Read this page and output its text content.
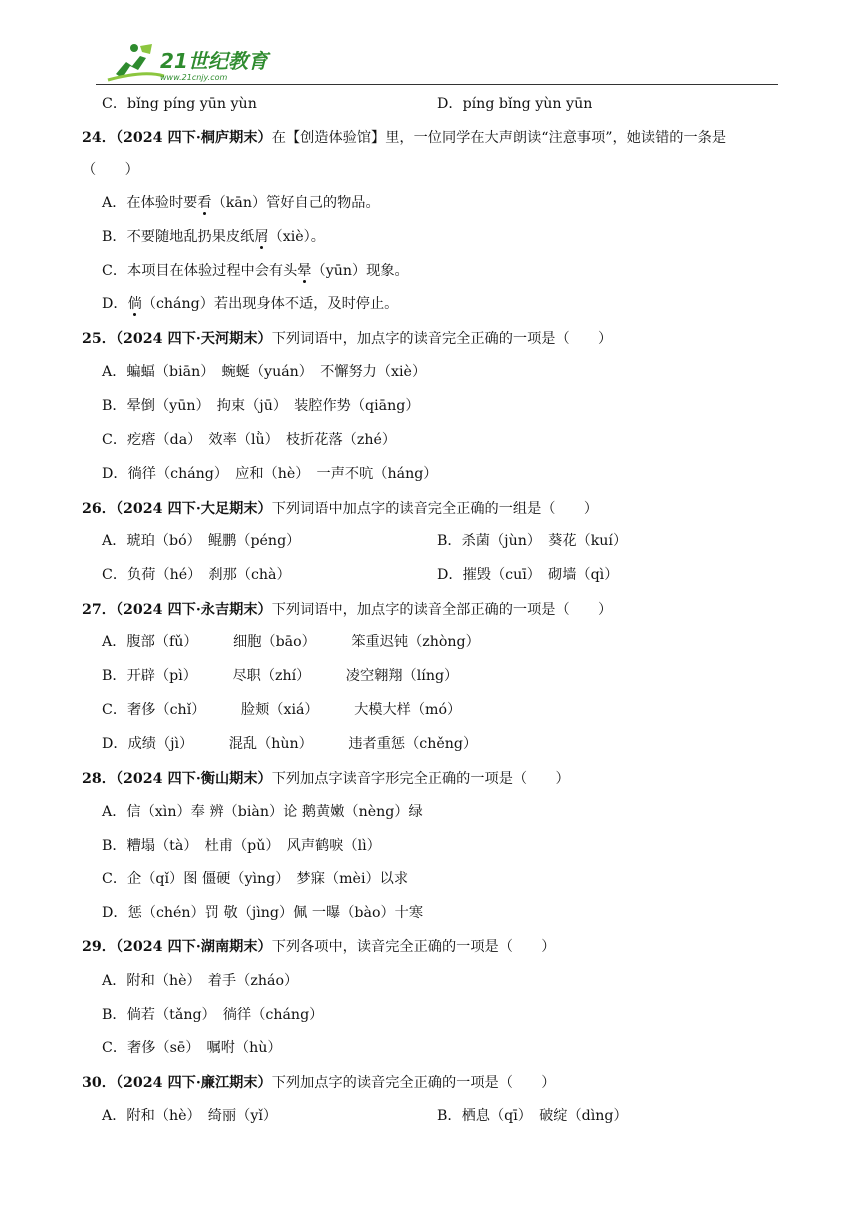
21世纪教育
www.21cnjy.com
C．bǐng píng yūn yùn	D．píng bǐng yùn yūn
24．（2024 四下·桐庐期末）在【创造体验馆】里，一位同学在大声朗读“注意事项”，她读错的一条是
（　　）
A．在体验时要看（kān）管好自己的物品。
B．不要随地乱扔果皮纸屑（xiè）。
C．本项目在体验过程中会有头晕（yūn）现象。
D．倘（cháng）若出现身体不适，及时停止。
25．（2024 四下·天河期末）下列词语中，加点字的读音完全正确的一项是（　　）
A．蝙蝠（biān）　蜿蜒（yuán）　不懈努力（xiè）
B．晕倒（yūn）　拘束（jū）　装腔作势（qiāng）
C．疙瘩（da）　效率（lǜ）　枝折花落（zhé）
D．徜徉（cháng）　应和（hè）　一声不吭（háng）
26．（2024 四下·大足期末）下列词语中加点字的读音完全正确的一组是（　　）
A．琥珀（bó）　鲲鹏（péng）	B．杀菌（jùn）　葵花（kuí）
C．负荷（hé）　刹那（chà）	D．摧毁（cuī）　砌墙（qì）
27．（2024 四下·永吉期末）下列词语中，加点字的读音全部正确的一项是（　　）
A．腹部（fǔ）　　　细胞（bāo）　　　笨重迟钝（zhòng）
B．开辟（pì）　　　尽职（zhí）　　　凌空翱翔（líng）
C．奢侈（chǐ）　　　脸颊（xiá）　　　大模大样（mó）
D．成绩（jì）　　　混乱（hùn）　　　违者重惩（chěng）
28．（2024 四下·衡山期末）下列加点字读音字形完全正确的一项是（　　）
A．信（xìn）奉 辨（biàn）论 鹅黄嫩（nèng）绿
B．糟塌（tà）　杜甫（pǔ）　风声鹤唳（lì）
C．企（qǐ）图 僵硬（yìng）　梦寐（mèi）以求
D．惩（chén）罚 敬（jìng）佩 一曝（bào）十寒
29．（2024 四下·湖南期末）下列各项中，读音完全正确的一项是（　　）
A．附和（hè）　着手（zháo）
B．倘若（tǎng）　徜徉（cháng）
C．奢侈（sē）　嘱咐（hù）
30．（2024 四下·廉江期末）下列加点字的读音完全正确的一项是（　　）
A．附和（hè）　绮丽（yǐ）	B．栖息（qī）　破绽（dìng）
